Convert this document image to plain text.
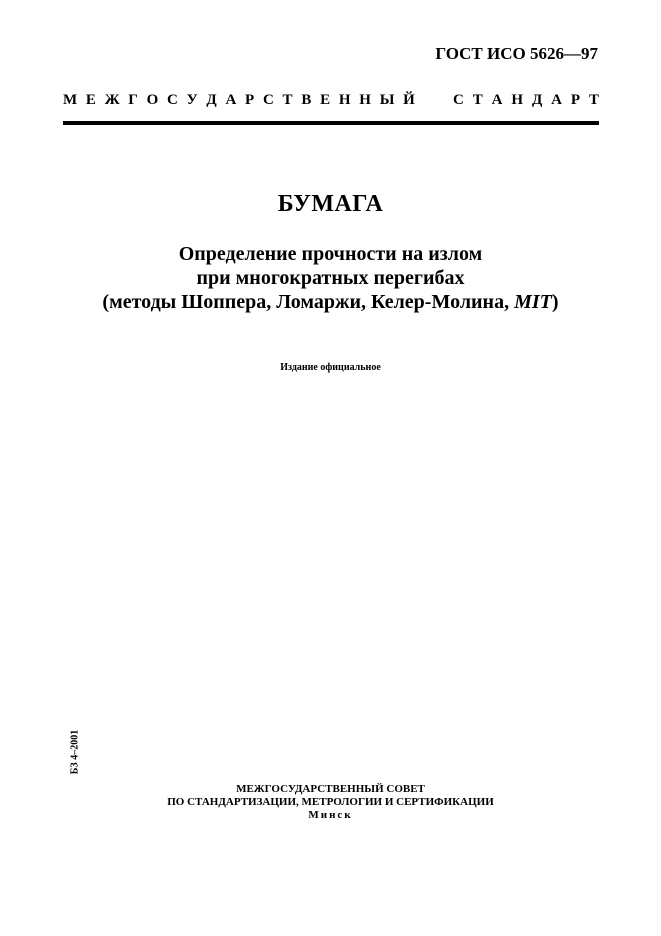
ГОСТ ИСО 5626—97
М Е Ж Г О С У Д А Р С Т В Е Н Н Ы Й	С Т А Н Д А Р Т
БУМАГА
Определение прочности на излом
при многократных перегибах
(методы Шоппера, Ломаржи, Келер-Молина, MIT)
Издание официальное
БЗ 4–2001
МЕЖГОСУДАРСТВЕННЫЙ СОВЕТ
ПО СТАНДАРТИЗАЦИИ, МЕТРОЛОГИИ И СЕРТИФИКАЦИИ
Минск
